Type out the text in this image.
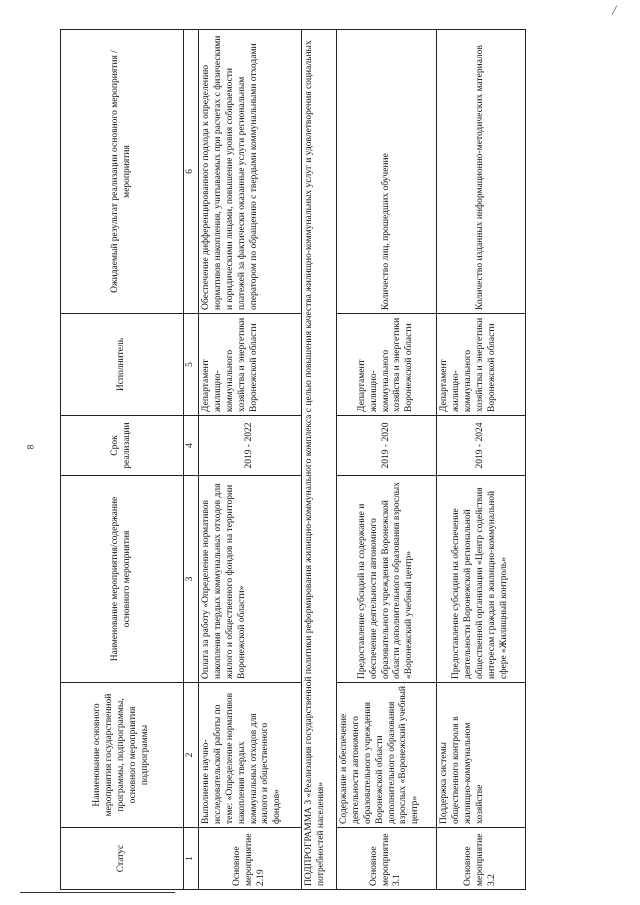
8
╱
Статус	Наименование основного мероприятия государственной программы, подпрограммы, основного мероприятия подпрограммы	Наименование мероприятия/содержание основного мероприятия	Срок реализации	Исполнитель	Ожидаемый результат реализации основного мероприятия /мероприятия
1	2	3	4	5	6
Основное мероприятие 2.19	Выполнение научно-исследовательской работы по теме: «Определение нормативов накопления твердых коммунальных отходов для жилого и общественного фондов»	Оплата за работу «Определение нормативов накопления твердых коммунальных отходов для жилого и общественного фондов на территории Воронежской области»	2019 - 2022	Департамент жилищно-коммунального хозяйства и энергетики Воронежской области	Обеспечение дифференцированного подхода к определению нормативов накопления, учитываемых при расчетах с физическими и юридическими лицами, повышение уровня собираемости платежей за фактически оказанные услуги региональным оператором по обращению с твердыми коммунальными отходами
ПОДПРОГРАММА 3 «Реализация государственной политики реформирования жилищно-коммунального комплекса с целью повышения качества жилищно-коммунальных услуг и удовлетворения социальных потребностей населения»					
Основное мероприятие 3.1	Содержание и обеспечение деятельности автономного образовательного учреждения Воронежской области дополнительного образования взрослых «Воронежский учебный центр»	Предоставление субсидий на содержание и обеспечение деятельности автономного образовательного учреждения Воронежской области дополнительного образования взрослых «Воронежский учебный центр»	2019 - 2020	Департамент жилищно-коммунального хозяйства и энергетики Воронежской области	Количество лиц, прошедших обучение
Основное мероприятие 3.2	Поддержка системы общественного контроля в жилищно-коммунальном хозяйстве	Предоставление субсидии на обеспечение деятельности Воронежской региональной общественной организации «Центр содействия интересам граждан в жилищно-коммунальной сфере «Жилищный контроль»	2019 - 2024	Департамент жилищно-коммунального хозяйства и энергетики Воронежской области	Количество изданных информационно-методических материалов
